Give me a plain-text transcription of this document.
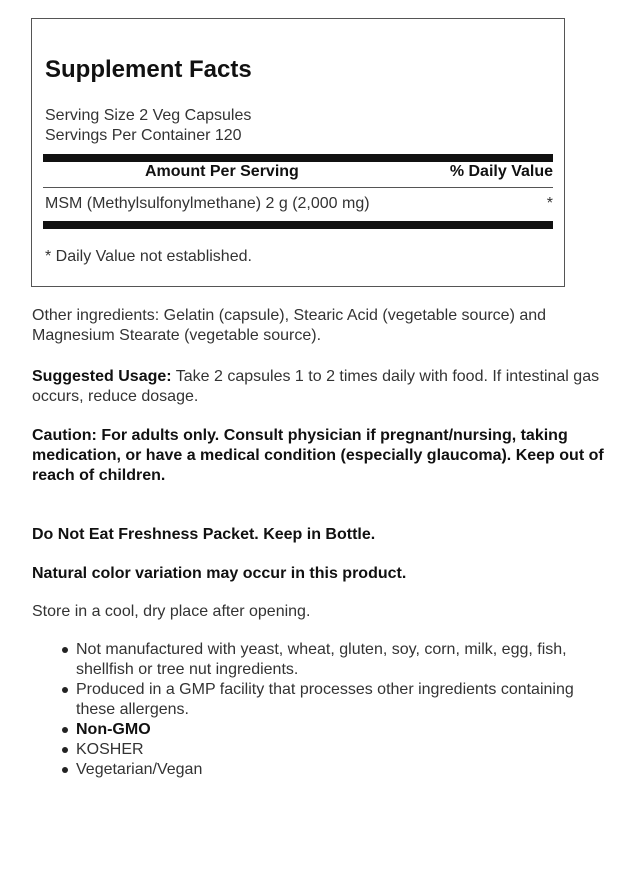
Supplement Facts
Serving Size 2 Veg Capsules
Servings Per Container 120
Amount Per Serving	% Daily Value
MSM (Methylsulfonylmethane) 2 g (2,000 mg)	*
* Daily Value not established.
Other ingredients: Gelatin (capsule), Stearic Acid (vegetable source) and Magnesium Stearate (vegetable source).
Suggested Usage: Take 2 capsules 1 to 2 times daily with food. If intestinal gas occurs, reduce dosage.
Caution: For adults only. Consult physician if pregnant/nursing, taking medication, or have a medical condition (especially glaucoma). Keep out of reach of children.
Do Not Eat Freshness Packet. Keep in Bottle.
Natural color variation may occur in this product.
Store in a cool, dry place after opening.
Not manufactured with yeast, wheat, gluten, soy, corn, milk, egg, fish, shellfish or tree nut ingredients.
Produced in a GMP facility that processes other ingredients containing these allergens.
Non-GMO
KOSHER
Vegetarian/Vegan
